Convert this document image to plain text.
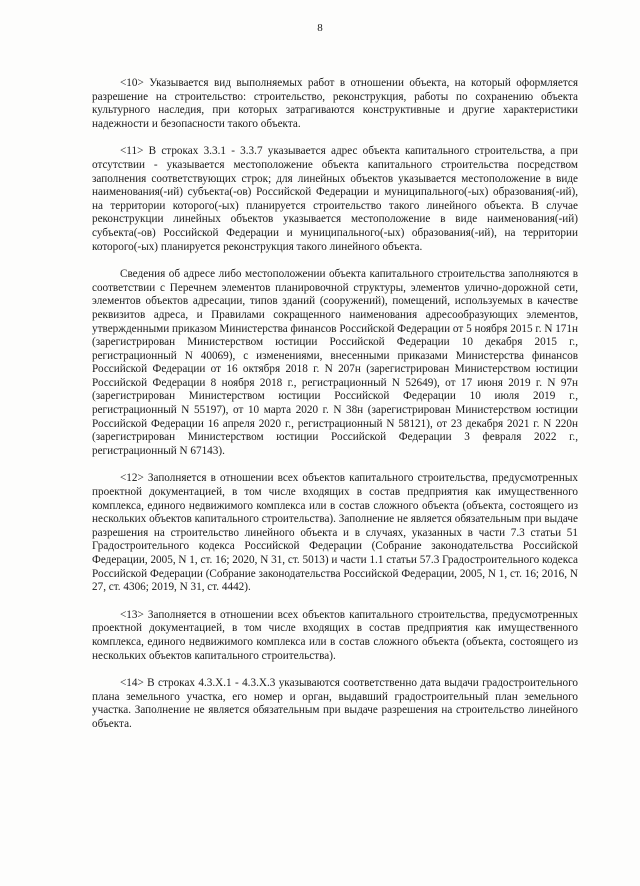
8

<10> Указывается вид выполняемых работ в отношении объекта, на который оформляется разрешение на строительство: строительство, реконструкция, работы по сохранению объекта культурного наследия, при которых затрагиваются конструктивные и другие характеристики надежности и безопасности такого объекта.

<11> В строках 3.3.1 - 3.3.7 указывается адрес объекта капитального строительства, а при отсутствии - указывается местоположение объекта капитального строительства посредством заполнения соответствующих строк; для линейных объектов указывается местоположение в виде наименования(-ий) субъекта(-ов) Российской Федерации и муниципального(-ых) образования(-ий), на территории которого(-ых) планируется строительство такого линейного объекта. В случае реконструкции линейных объектов указывается местоположение в виде наименования(-ий) субъекта(-ов) Российской Федерации и муниципального(-ых) образования(-ий), на территории которого(-ых) планируется реконструкция такого линейного объекта.

Сведения об адресе либо местоположении объекта капитального строительства заполняются в соответствии с Перечнем элементов планировочной структуры, элементов улично-дорожной сети, элементов объектов адресации, типов зданий (сооружений), помещений, используемых в качестве реквизитов адреса, и Правилами сокращенного наименования адресообразующих элементов, утвержденными приказом Министерства финансов Российской Федерации от 5 ноября 2015 г. N 171н (зарегистрирован Министерством юстиции Российской Федерации 10 декабря 2015 г., регистрационный N 40069), с изменениями, внесенными приказами Министерства финансов Российской Федерации от 16 октября 2018 г. N 207н (зарегистрирован Министерством юстиции Российской Федерации 8 ноября 2018 г., регистрационный N 52649), от 17 июня 2019 г. N 97н (зарегистрирован Министерством юстиции Российской Федерации 10 июля 2019 г., регистрационный N 55197), от 10 марта 2020 г. N 38н (зарегистрирован Министерством юстиции Российской Федерации 16 апреля 2020 г., регистрационный N 58121), от 23 декабря 2021 г. N 220н (зарегистрирован Министерством юстиции Российской Федерации 3 февраля 2022 г., регистрационный N 67143).

<12> Заполняется в отношении всех объектов капитального строительства, предусмотренных проектной документацией, в том числе входящих в состав предприятия как имущественного комплекса, единого недвижимого комплекса или в состав сложного объекта (объекта, состоящего из нескольких объектов капитального строительства). Заполнение не является обязательным при выдаче разрешения на строительство линейного объекта и в случаях, указанных в части 7.3 статьи 51 Градостроительного кодекса Российской Федерации (Собрание законодательства Российской Федерации, 2005, N 1, ст. 16; 2020, N 31, ст. 5013) и части 1.1 статьи 57.3 Градостроительного кодекса Российской Федерации (Собрание законодательства Российской Федерации, 2005, N 1, ст. 16; 2016, N 27, ст. 4306; 2019, N 31, ст. 4442).

<13> Заполняется в отношении всех объектов капитального строительства, предусмотренных проектной документацией, в том числе входящих в состав предприятия как имущественного комплекса, единого недвижимого комплекса или в состав сложного объекта (объекта, состоящего из нескольких объектов капитального строительства).

<14> В строках 4.3.Х.1 - 4.3.Х.3 указываются соответственно дата выдачи градостроительного плана земельного участка, его номер и орган, выдавший градостроительный план земельного участка. Заполнение не является обязательным при выдаче разрешения на строительство линейного объекта.
